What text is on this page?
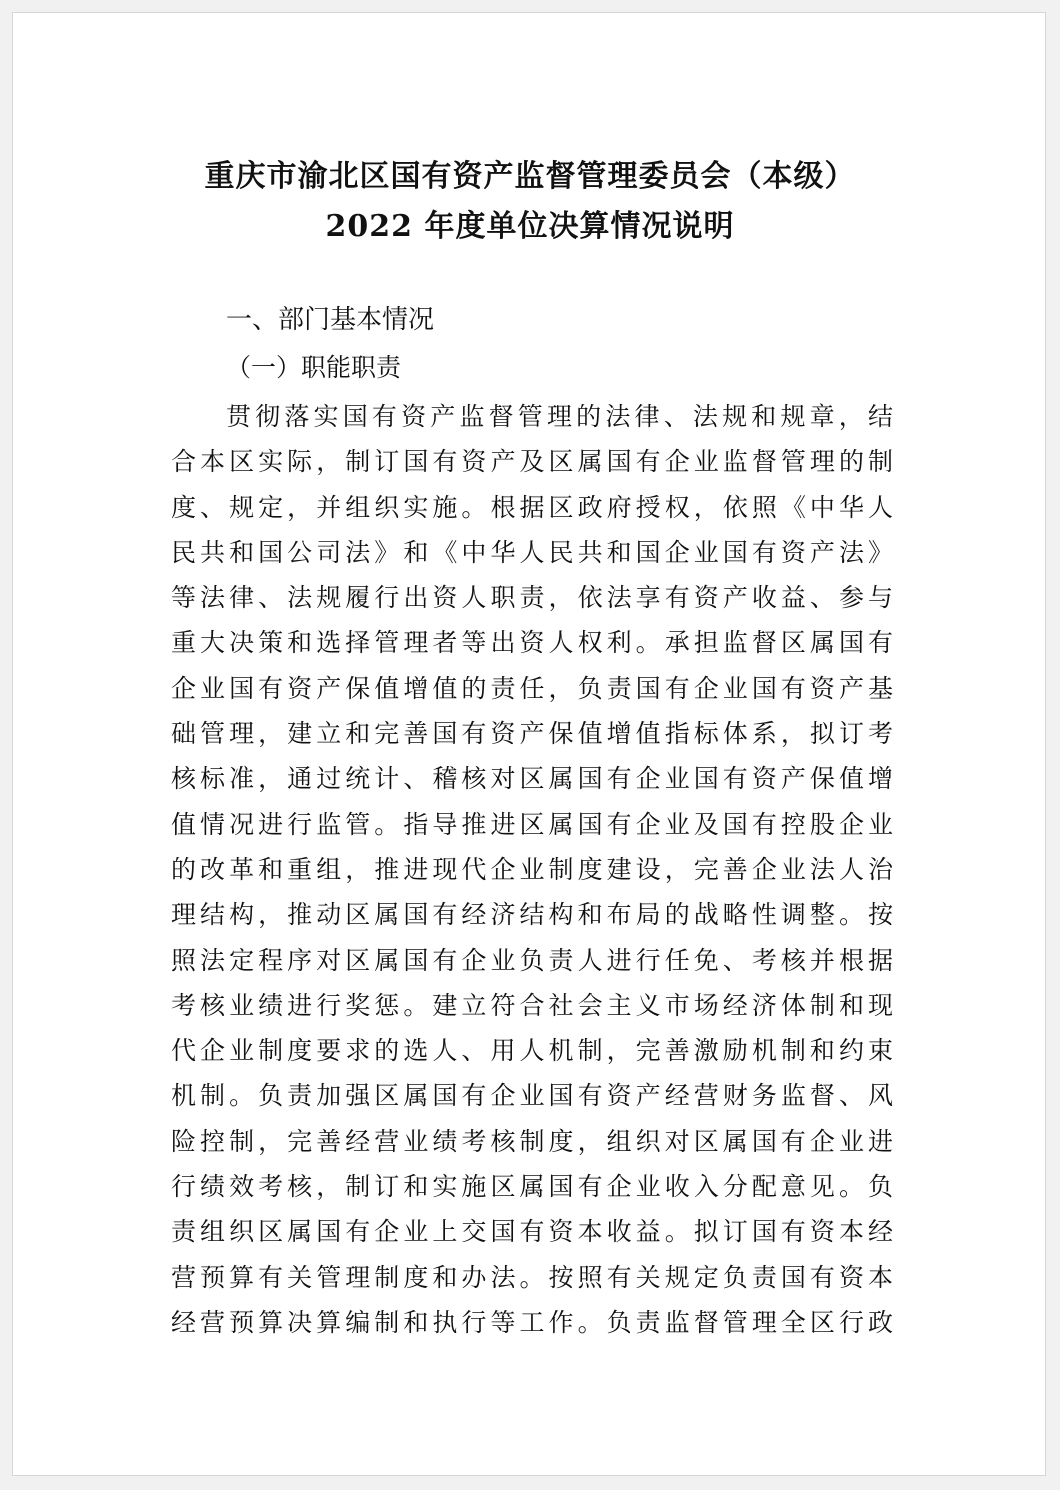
重庆市渝北区国有资产监督管理委员会（本级）
2022 年度单位决算情况说明
一、部门基本情况
（一）职能职责
贯彻落实国有资产监督管理的法律、法规和规章，结
合本区实际，制订国有资产及区属国有企业监督管理的制
度、规定，并组织实施。根据区政府授权，依照《中华人
民共和国公司法》和《中华人民共和国企业国有资产法》
等法律、法规履行出资人职责，依法享有资产收益、参与
重大决策和选择管理者等出资人权利。承担监督区属国有
企业国有资产保值增值的责任，负责国有企业国有资产基
础管理，建立和完善国有资产保值增值指标体系，拟订考
核标准，通过统计、稽核对区属国有企业国有资产保值增
值情况进行监管。指导推进区属国有企业及国有控股企业
的改革和重组，推进现代企业制度建设，完善企业法人治
理结构，推动区属国有经济结构和布局的战略性调整。按
照法定程序对区属国有企业负责人进行任免、考核并根据
考核业绩进行奖惩。建立符合社会主义市场经济体制和现
代企业制度要求的选人、用人机制，完善激励机制和约束
机制。负责加强区属国有企业国有资产经营财务监督、风
险控制，完善经营业绩考核制度，组织对区属国有企业进
行绩效考核，制订和实施区属国有企业收入分配意见。负
责组织区属国有企业上交国有资本收益。拟订国有资本经
营预算有关管理制度和办法。按照有关规定负责国有资本
经营预算决算编制和执行等工作。负责监督管理全区行政
